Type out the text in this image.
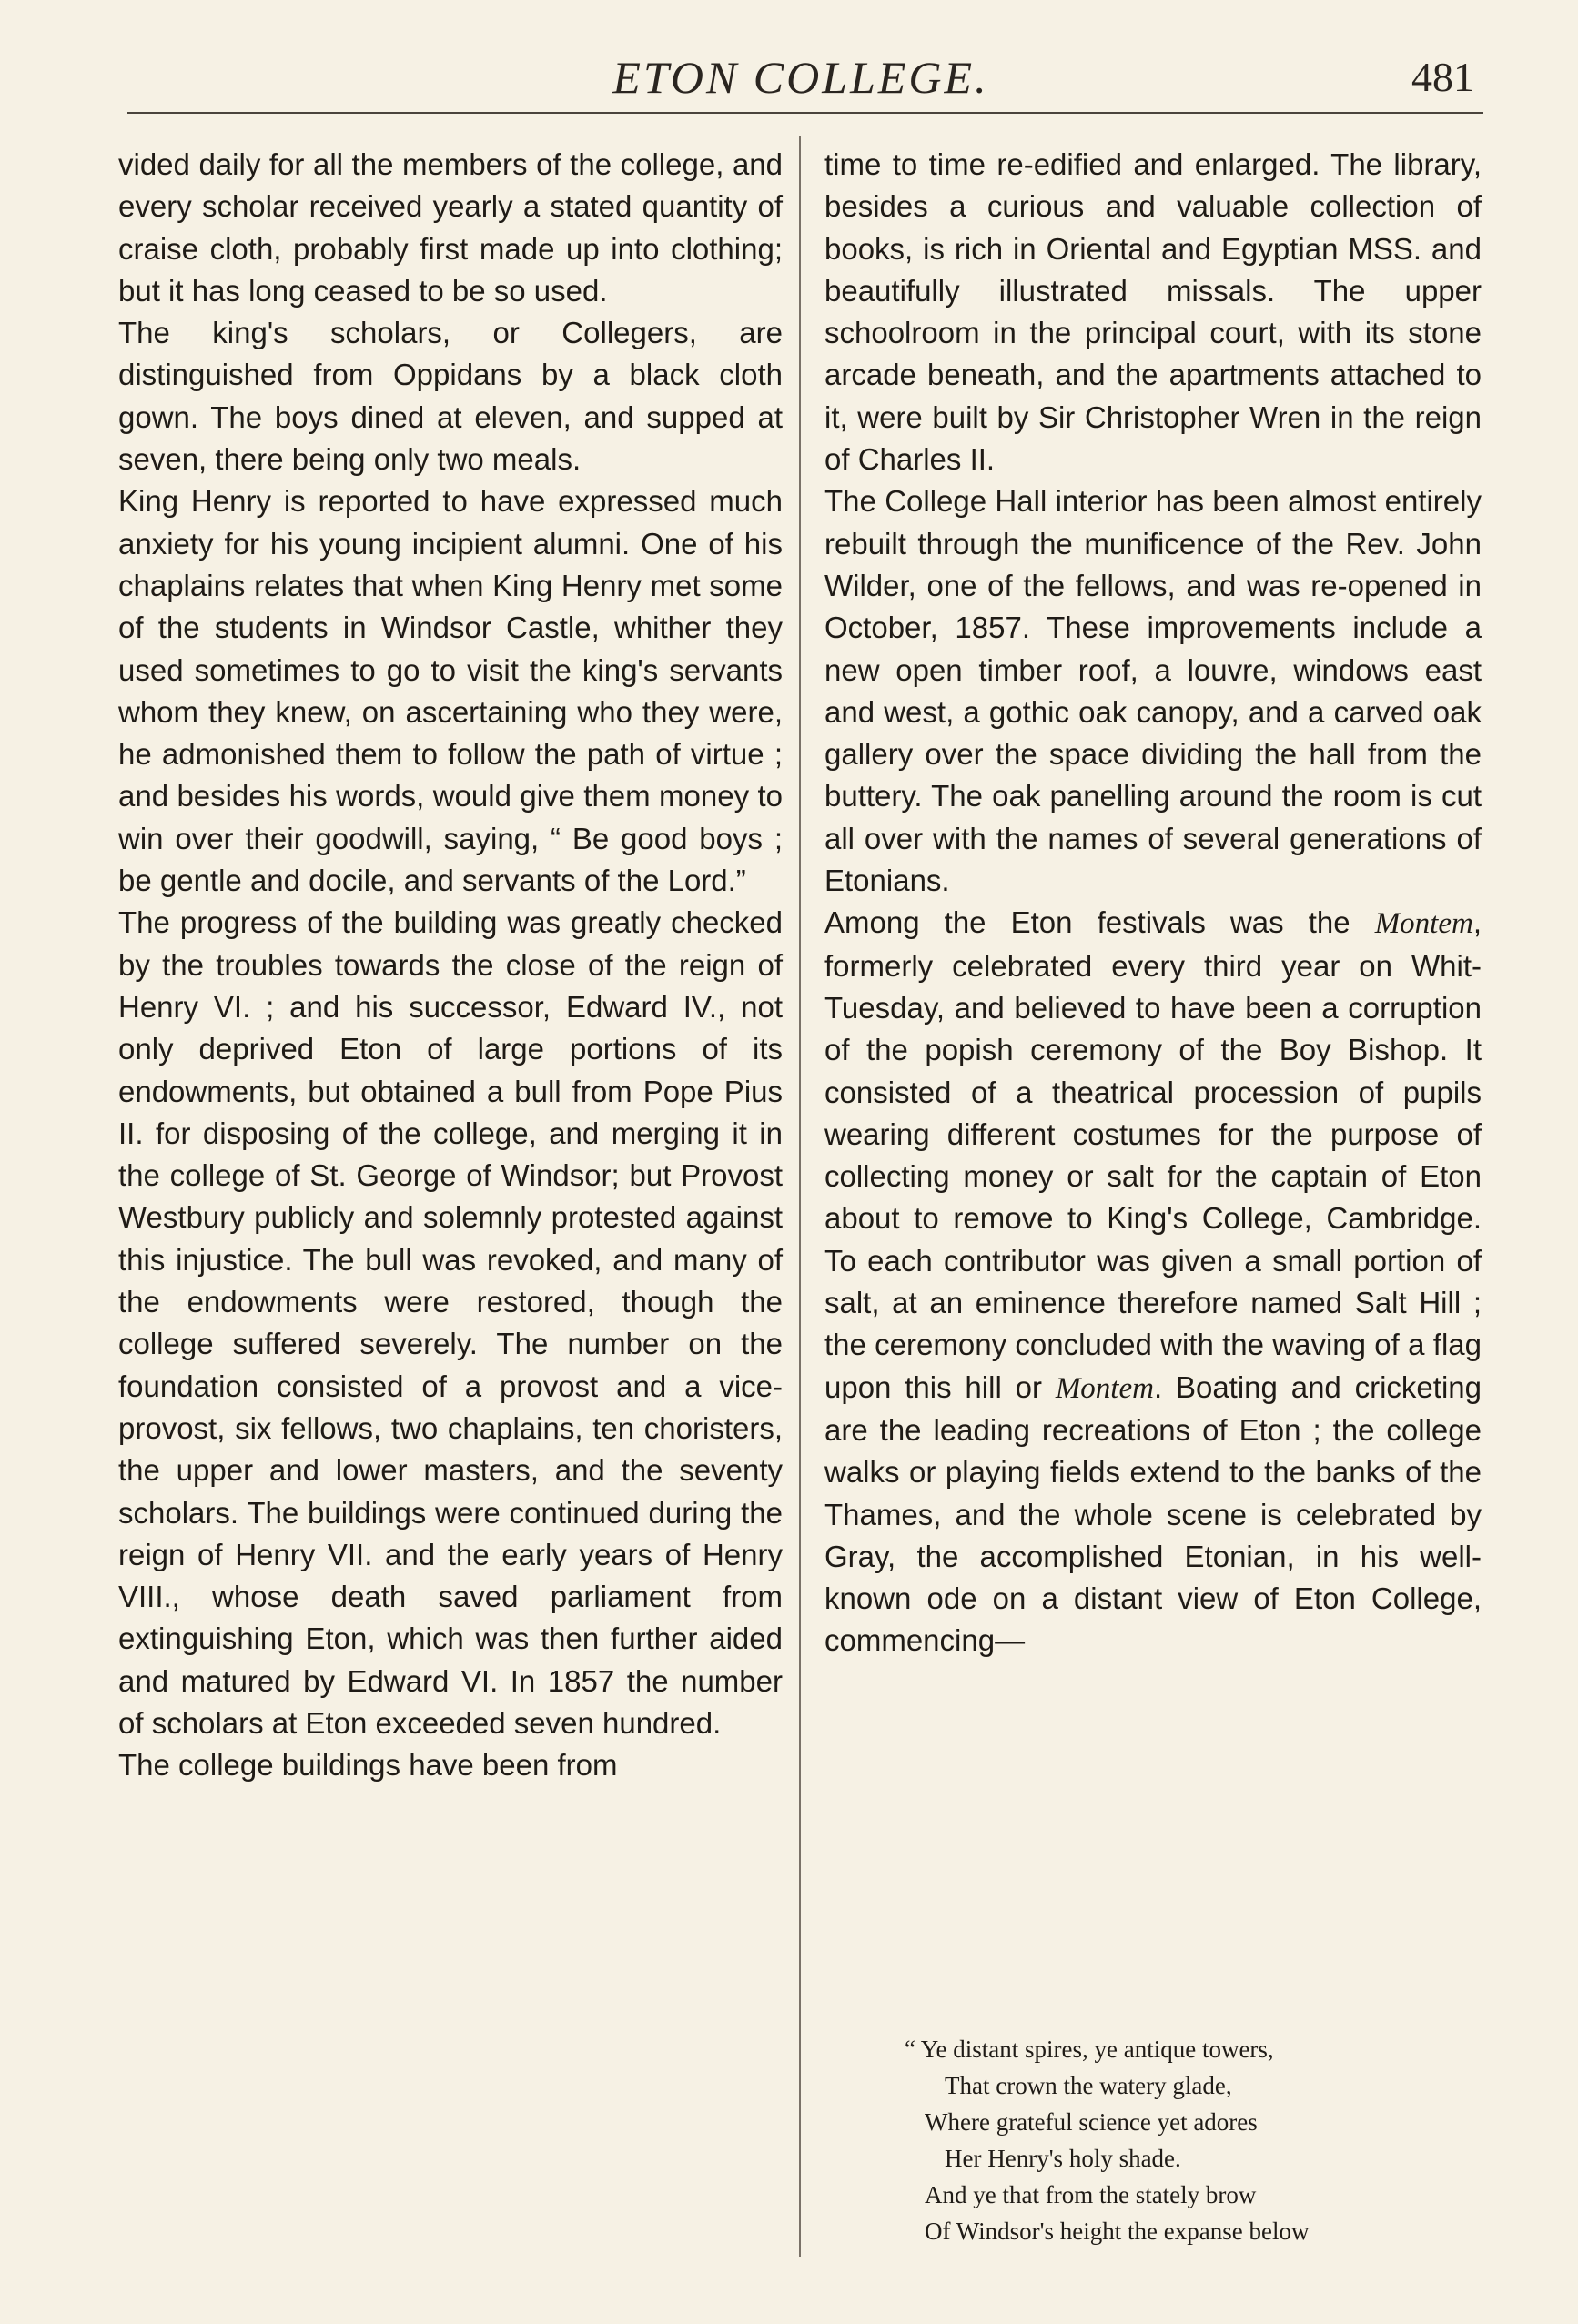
ETON COLLEGE.	481

vided daily for all the members of the college, and every scholar received yearly a stated quantity of craise cloth, probably first made up into clothing; but it has long ceased to be so used.

The king's scholars, or Collegers, are distinguished from Oppidans by a black cloth gown. The boys dined at eleven, and supped at seven, there being only two meals.

King Henry is reported to have expressed much anxiety for his young incipient alumni. One of his chaplains relates that when King Henry met some of the students in Windsor Castle, whither they used sometimes to go to visit the king's servants whom they knew, on ascertaining who they were, he admonished them to follow the path of virtue ; and besides his words, would give them money to win over their goodwill, saying, “ Be good boys ; be gentle and docile, and servants of the Lord.”

The progress of the building was greatly checked by the troubles towards the close of the reign of Henry VI. ; and his successor, Edward IV., not only deprived Eton of large portions of its endowments, but obtained a bull from Pope Pius II. for disposing of the college, and merging it in the college of St. George of Windsor; but Provost Westbury publicly and solemnly protested against this injustice. The bull was revoked, and many of the endowments were restored, though the college suffered severely. The number on the foundation consisted of a provost and a vice-provost, six fellows, two chaplains, ten choristers, the upper and lower masters, and the seventy scholars. The buildings were continued during the reign of Henry VII. and the early years of Henry VIII., whose death saved parliament from extinguishing Eton, which was then further aided and matured by Edward VI. In 1857 the number of scholars at Eton exceeded seven hundred.

The college buildings have been from

time to time re-edified and enlarged. The library, besides a curious and valuable collection of books, is rich in Oriental and Egyptian MSS. and beautifully illustrated missals. The upper schoolroom in the principal court, with its stone arcade beneath, and the apartments attached to it, were built by Sir Christopher Wren in the reign of Charles II.

The College Hall interior has been almost entirely rebuilt through the munificence of the Rev. John Wilder, one of the fellows, and was re-opened in October, 1857. These improvements include a new open timber roof, a louvre, windows east and west, a gothic oak canopy, and a carved oak gallery over the space dividing the hall from the buttery. The oak panelling around the room is cut all over with the names of several generations of Etonians.

Among the Eton festivals was the Montem, formerly celebrated every third year on Whit-Tuesday, and believed to have been a corruption of the popish ceremony of the Boy Bishop. It consisted of a theatrical procession of pupils wearing different costumes for the purpose of collecting money or salt for the captain of Eton about to remove to King's College, Cambridge. To each contributor was given a small portion of salt, at an eminence therefore named Salt Hill ; the ceremony concluded with the waving of a flag upon this hill or Montem. Boating and cricketing are the leading recreations of Eton ; the college walks or playing fields extend to the banks of the Thames, and the whole scene is celebrated by Gray, the accomplished Etonian, in his well-known ode on a distant view of Eton College, commencing—

“ Ye distant spires, ye antique towers,
That crown the watery glade,
Where grateful science yet adores
Her Henry's holy shade.
And ye that from the stately brow
Of Windsor's height the expanse below
